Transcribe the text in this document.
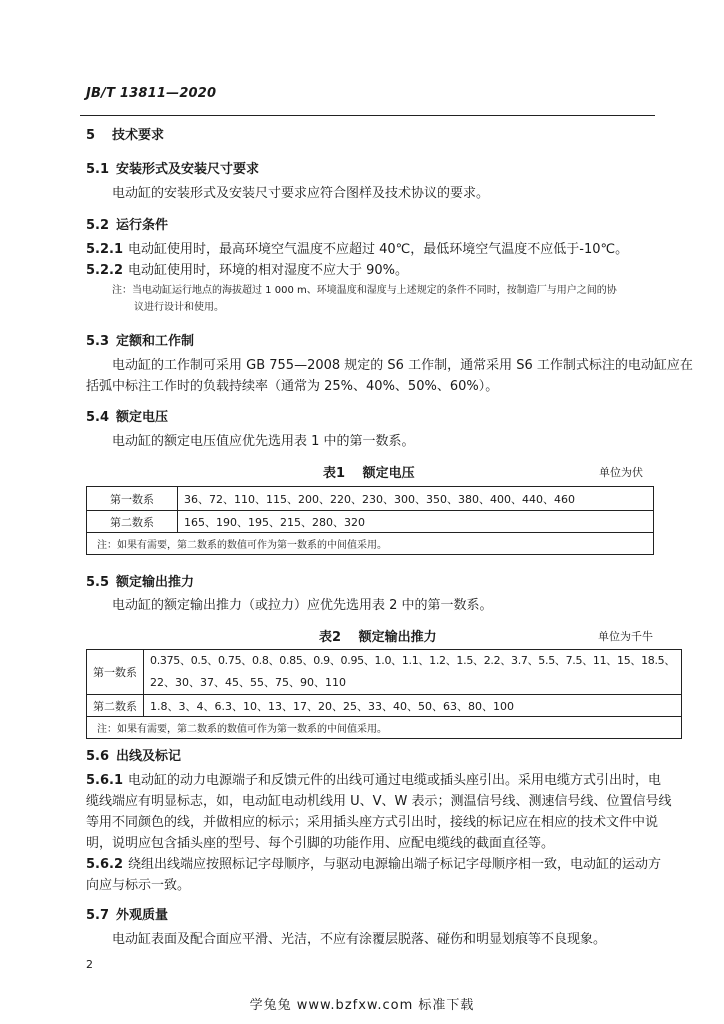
JB/T 13811—2020
5 技术要求
5.1 安装形式及安装尺寸要求
电动缸的安装形式及安装尺寸要求应符合图样及技术协议的要求。
5.2 运行条件
5.2.1 电动缸使用时，最高环境空气温度不应超过 40℃，最低环境空气温度不应低于-10℃。
5.2.2 电动缸使用时，环境的相对湿度不应大于 90%。
注：当电动缸运行地点的海拔超过 1 000 m、环境温度和湿度与上述规定的条件不同时，按制造厂与用户之间的协
议进行设计和使用。
5.3 定额和工作制
电动缸的工作制可采用 GB 755—2008 规定的 S6 工作制，通常采用 S6 工作制式标注的电动缸应在
括弧中标注工作时的负载持续率（通常为 25%、40%、50%、60%）。
5.4 额定电压
电动缸的额定电压值应优先选用表 1 中的第一数系。
表1　 额定电压	单位为伏
第一数系	36、72、110、115、200、220、230、300、350、380、400、440、460
第二数系	165、190、195、215、280、320
注：如果有需要，第二数系的数值可作为第一数系的中间值采用。	
5.5 额定输出推力
电动缸的额定输出推力（或拉力）应优先选用表 2 中的第一数系。
表2　 额定输出推力	单位为千牛
第一数系	0.375、0.5、0.75、0.8、0.85、0.9、0.95、1.0、1.1、1.2、1.5、2.2、3.7、5.5、7.5、11、15、18.5、
22、30、37、45、55、75、90、110

第二数系	1.8、3、4、6.3、10、13、17、20、25、33、40、50、63、80、100
注：如果有需要，第二数系的数值可作为第一数系的中间值采用。	
5.6 出线及标记
5.6.1 电动缸的动力电源端子和反馈元件的出线可通过电缆或插头座引出。采用电缆方式引出时，电
缆线端应有明显标志，如，电动缸电动机线用 U、V、W 表示；测温信号线、测速信号线、位置信号线
等用不同颜色的线，并做相应的标示；采用插头座方式引出时，接线的标记应在相应的技术文件中说
明，说明应包含插头座的型号、每个引脚的功能作用、应配电缆线的截面直径等。
5.6.2 绕组出线端应按照标记字母顺序，与驱动电源输出端子标记字母顺序相一致，电动缸的运动方
向应与标示一致。
5.7 外观质量
电动缸表面及配合面应平滑、光洁，不应有涂覆层脱落、碰伤和明显划痕等不良现象。
2
学兔兔 www.bzfxw.com 标准下载
